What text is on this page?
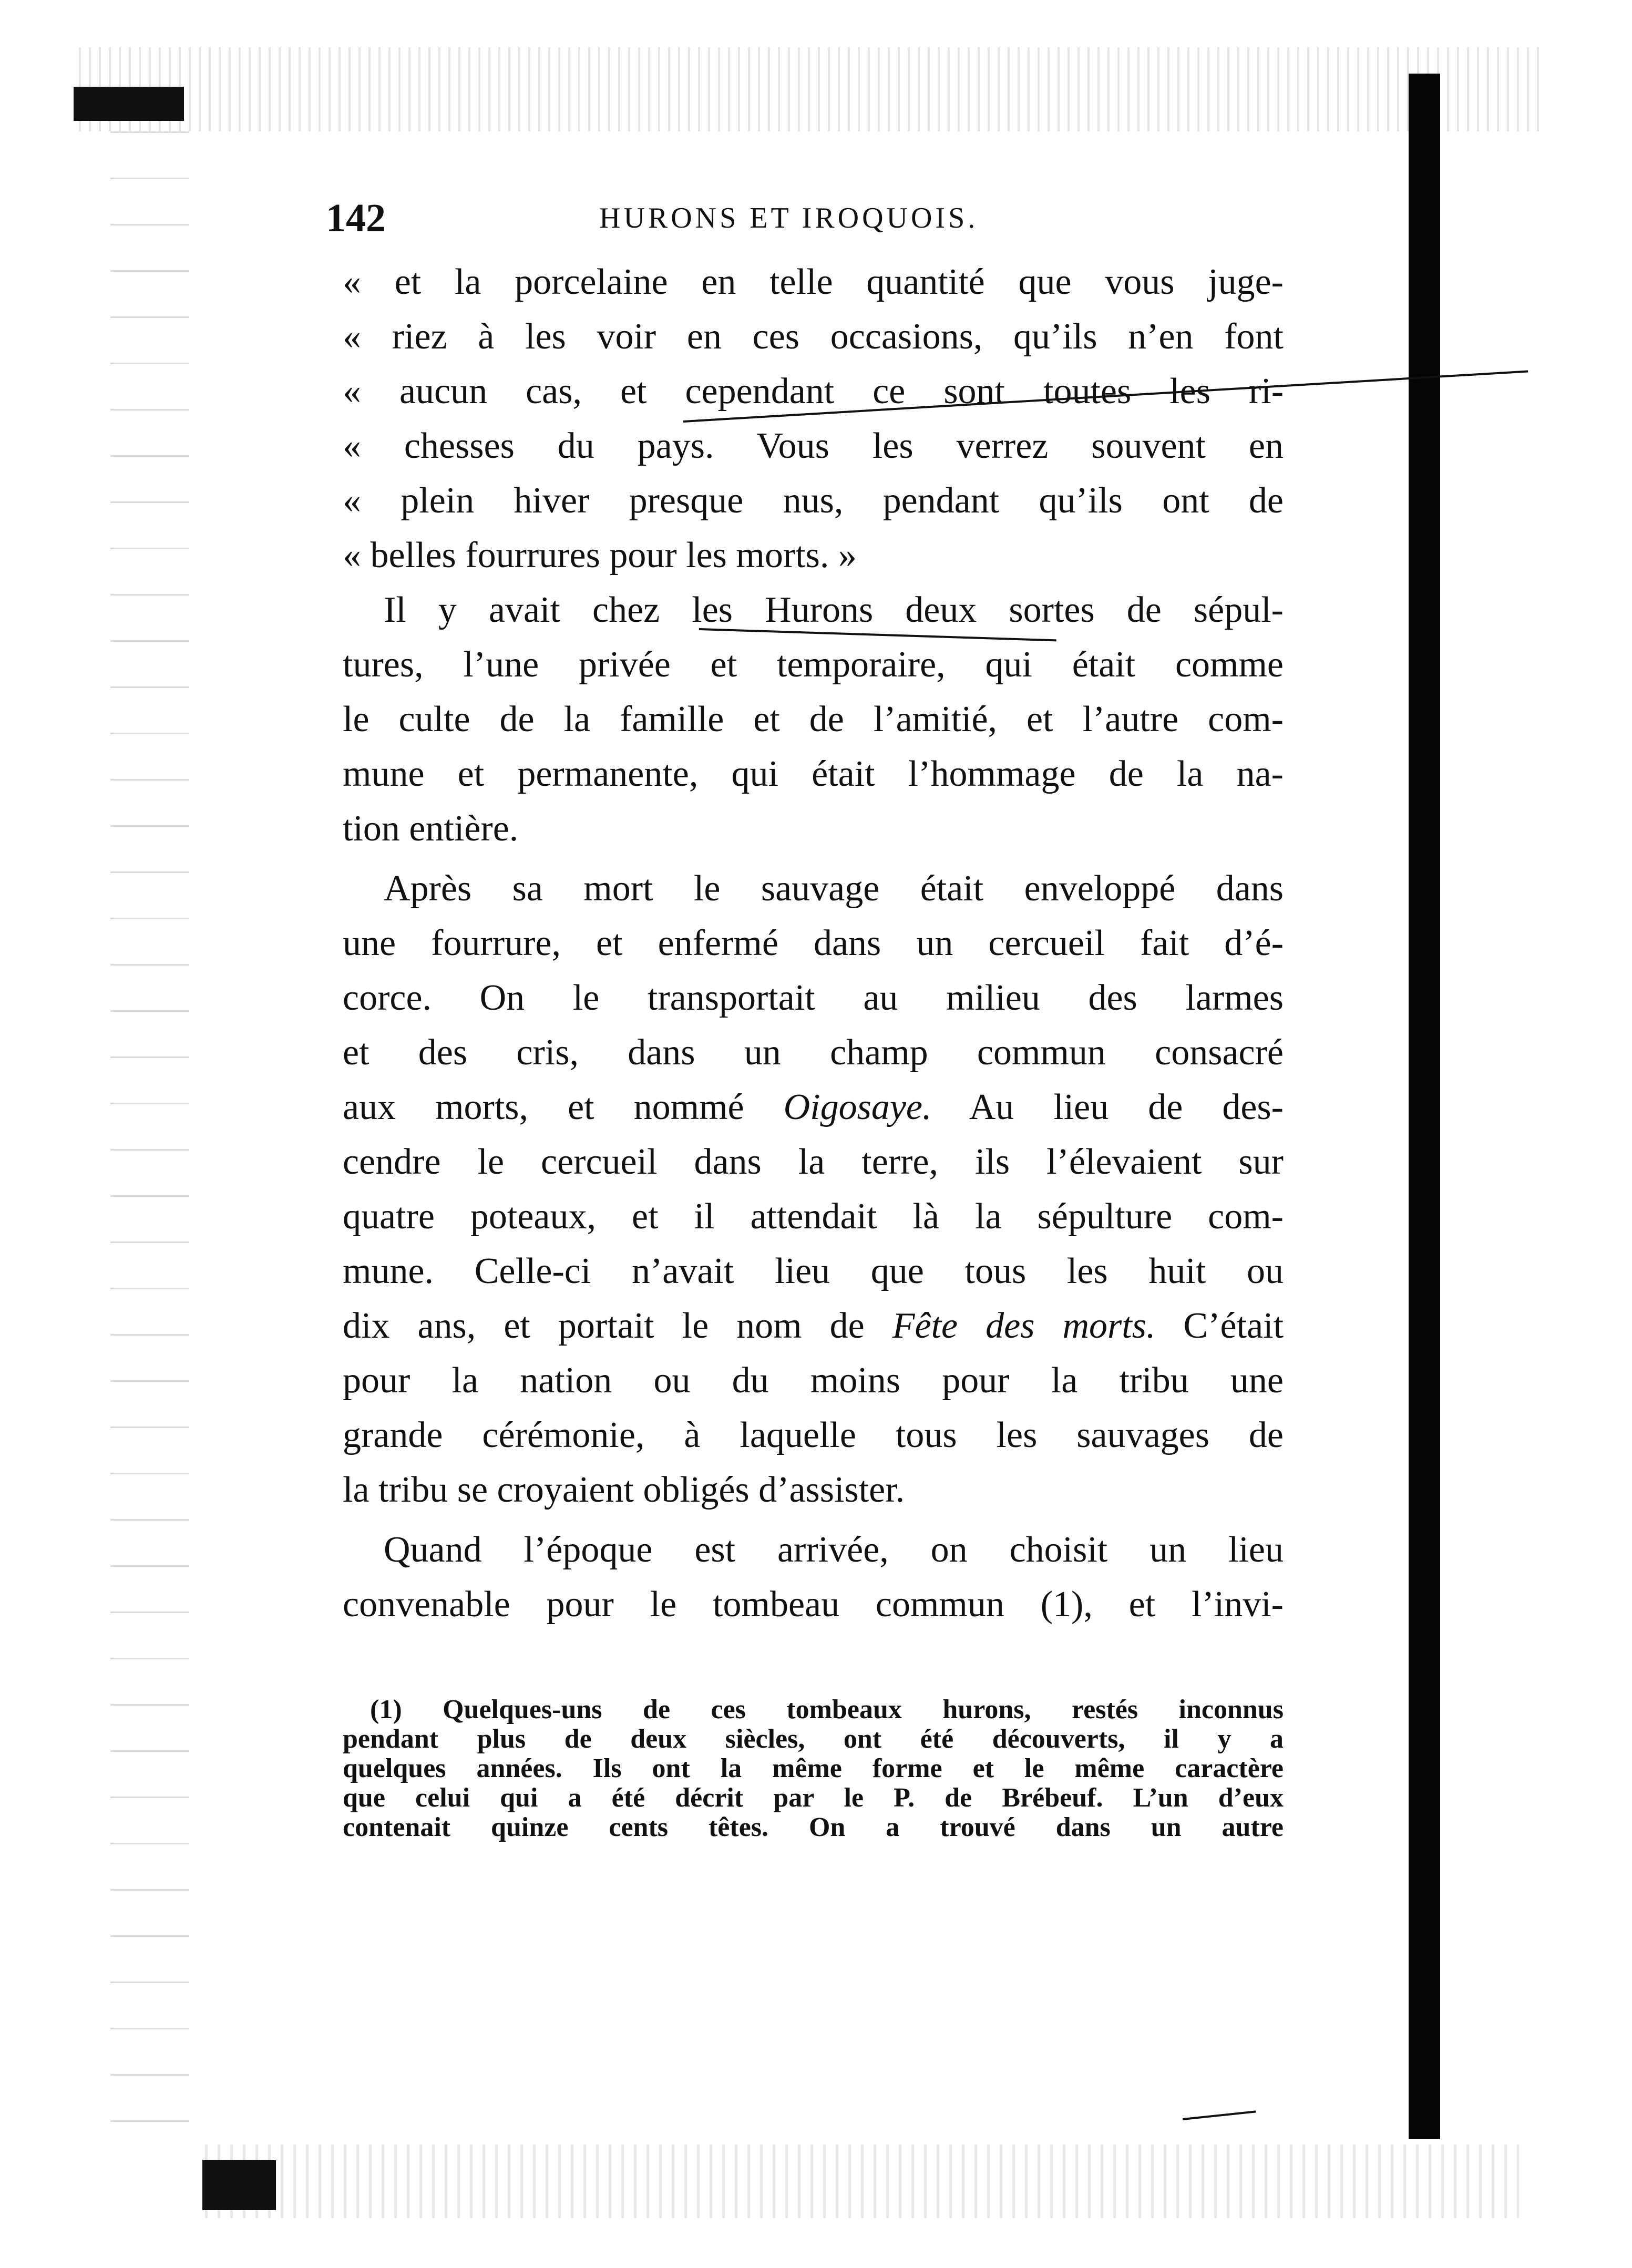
142	HURONS ET IROQUOIS.
« et la porcelaine en telle quantité que vous juge-
« riez à les voir en ces occasions, qu’ils n’en font
« aucun cas, et cependant ce sont toutes les ri-
« chesses du pays. Vous les verrez souvent en
« plein hiver presque nus, pendant qu’ils ont de
« belles fourrures pour les morts. »
Il y avait chez les Hurons deux sortes de sépul-
tures, l’une privée et temporaire, qui était comme
le culte de la famille et de l’amitié, et l’autre com-
mune et permanente, qui était l’hommage de la na-
tion entière.
Après sa mort le sauvage était enveloppé dans
une fourrure, et enfermé dans un cercueil fait d’é-
corce. On le transportait au milieu des larmes
et des cris, dans un champ commun consacré
aux morts, et nommé Oigosaye. Au lieu de des-
cendre le cercueil dans la terre, ils l’élevaient sur
quatre poteaux, et il attendait là la sépulture com-
mune. Celle-ci n’avait lieu que tous les huit ou
dix ans, et portait le nom de Fête des morts. C’était
pour la nation ou du moins pour la tribu une
grande cérémonie, à laquelle tous les sauvages de
la tribu se croyaient obligés d’assister.
Quand l’époque est arrivée, on choisit un lieu
convenable pour le tombeau commun (1), et l’invi-
(1) Quelques-uns de ces tombeaux hurons, restés inconnus
pendant plus de deux siècles, ont été découverts, il y a
quelques années. Ils ont la même forme et le même caractère
que celui qui a été décrit par le P. de Brébeuf. L’un d’eux
contenait quinze cents têtes. On a trouvé dans un autre
